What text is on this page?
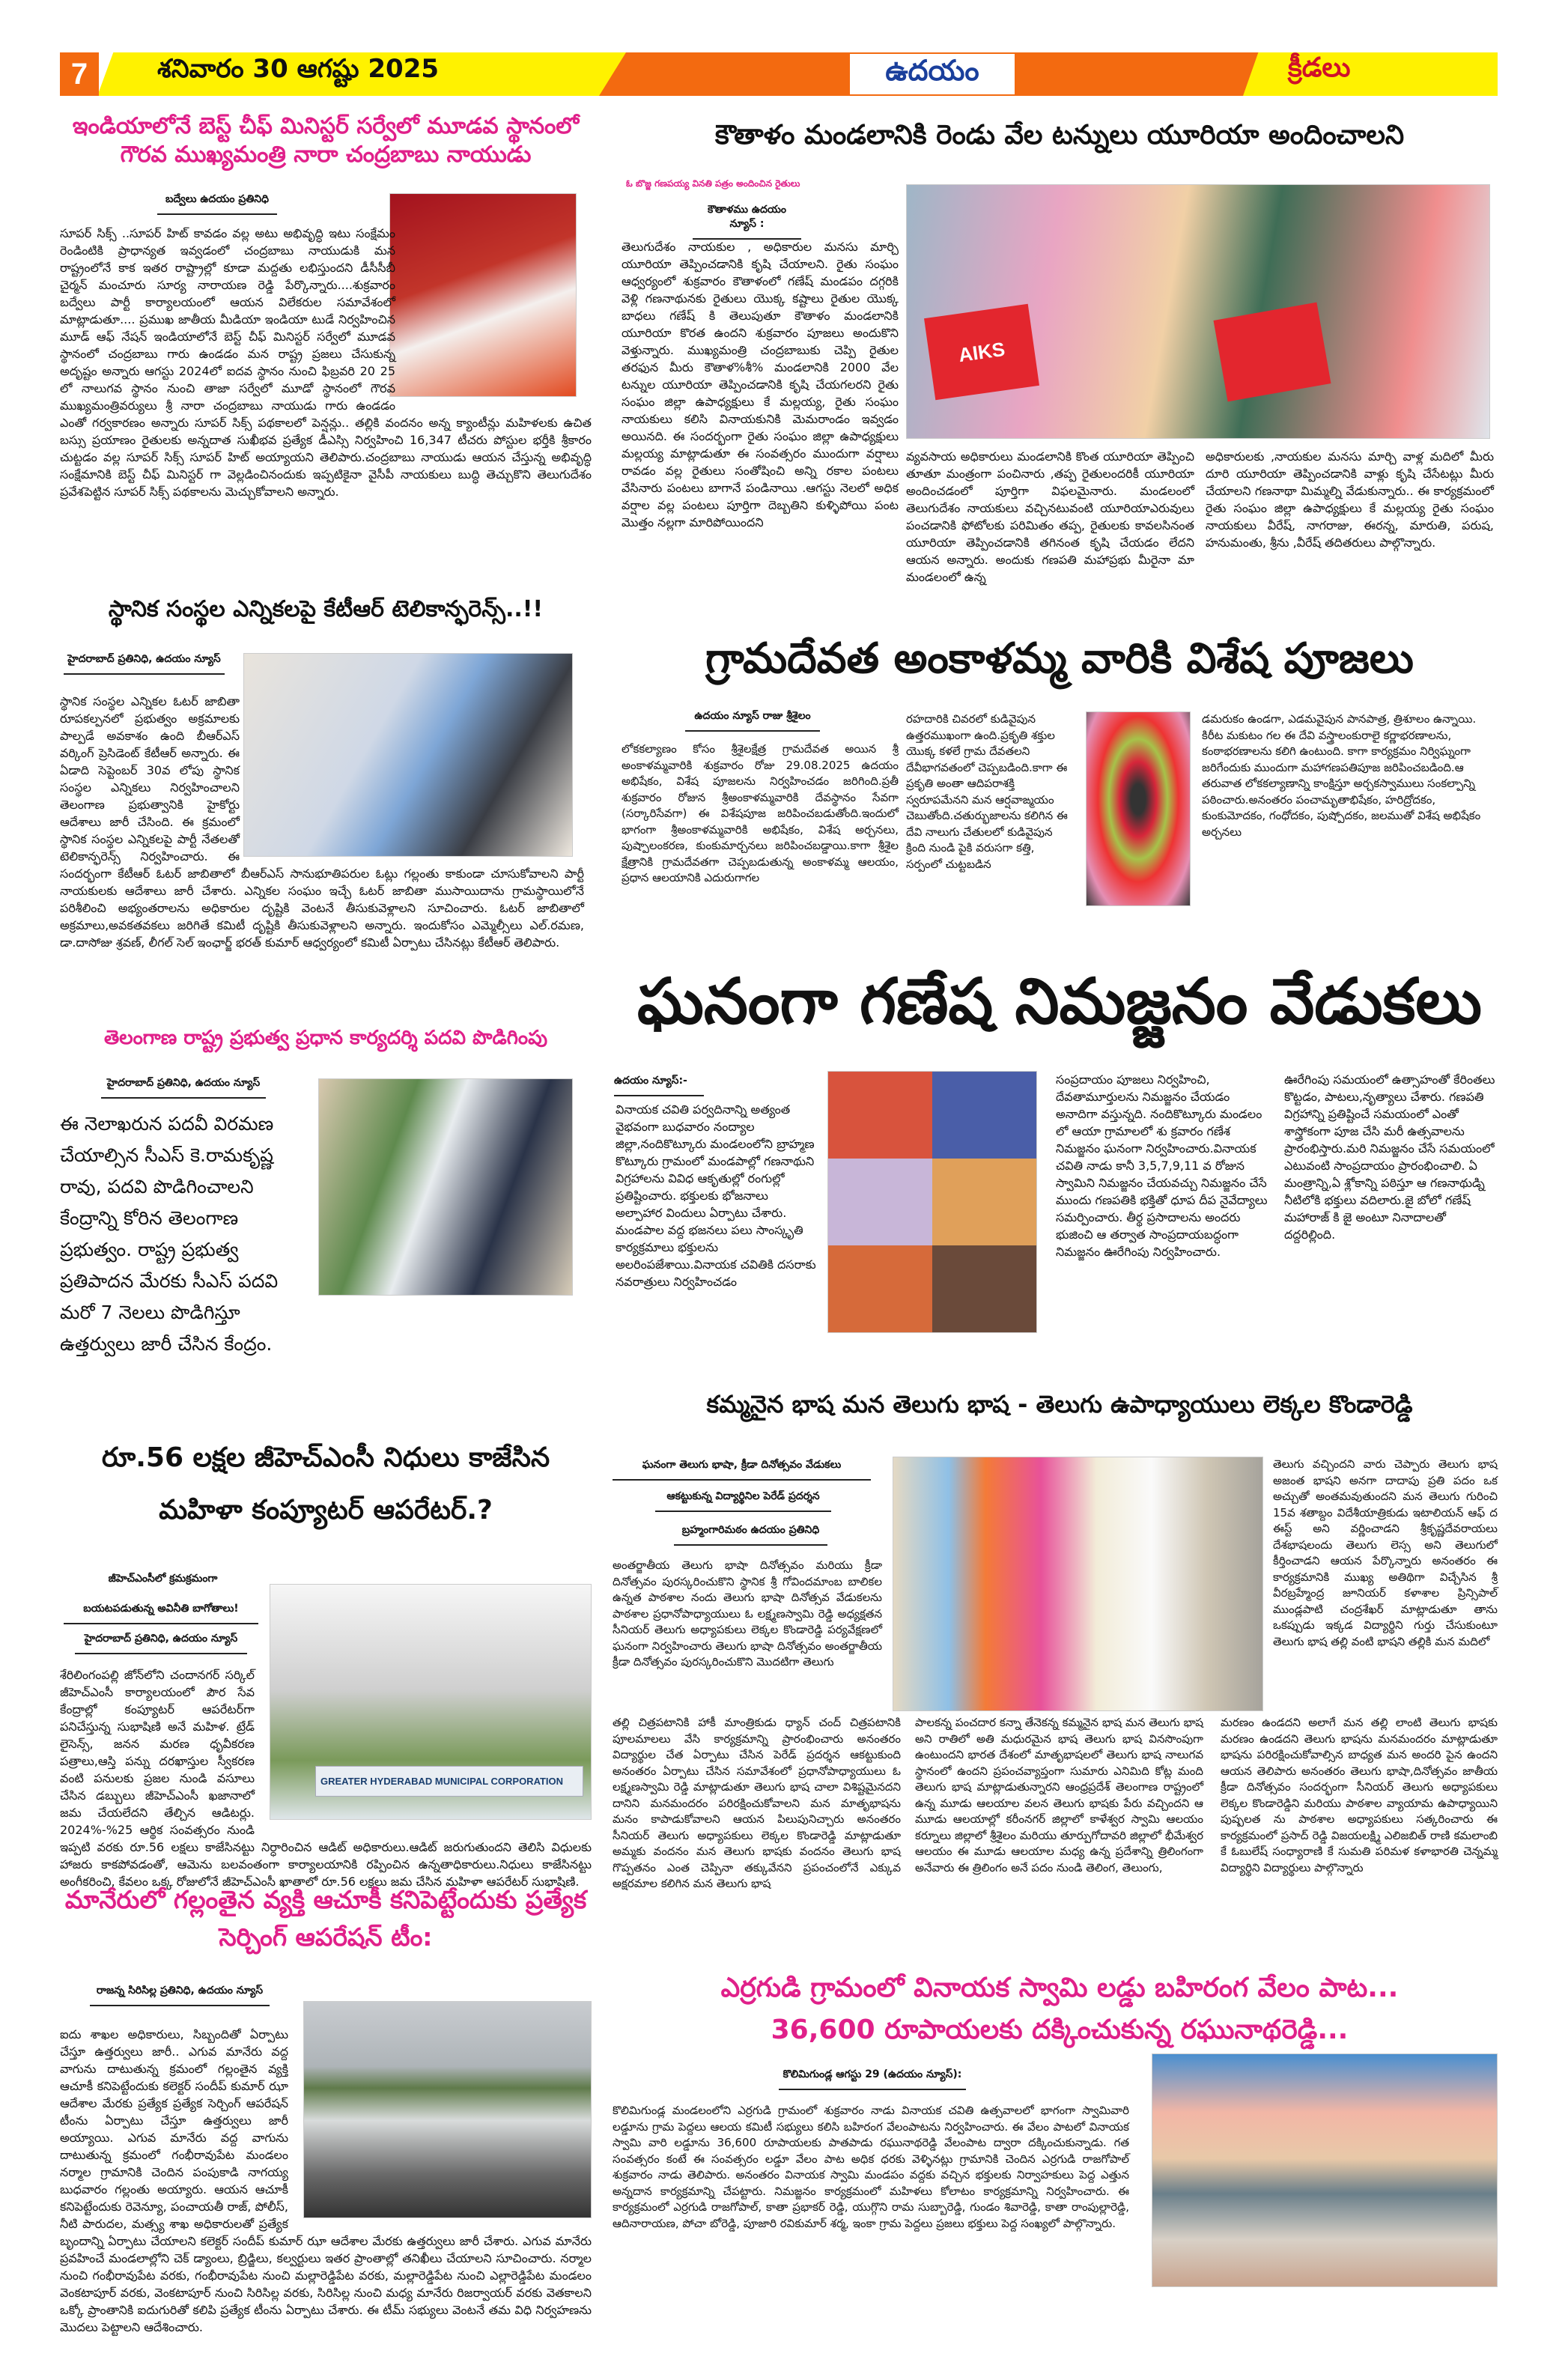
7	శనివారం 30 ఆగష్టు 2025	ఉదయం	క్రీడలు
ఇండియాలోనే బెస్ట్ చీఫ్ మినిస్టర్ సర్వేలో మూడవ స్థానంలో గౌరవ ముఖ్యమంత్రి నారా చంద్రబాబు నాయుడు
బద్వేలు ఉదయం ప్రతినిధి

సూపర్ సిక్స్ ..సూపర్ హిట్ కావడం వల్ల అటు అభివృద్ధి ఇటు సంక్షేమం రెండింటికి ప్రాధాన్యత ఇవ్వడంలో చంద్రబాబు నాయుడుకి మన రాష్ట్రంలోనే కాక ఇతర రాష్ట్రాల్లో కూడా మద్దతు లభిస్తుందని డీసీసీబీ చైర్మన్ మంచూరు సూర్య నారాయణ రెడ్డి పేర్కొన్నారు....శుక్రవారం బద్వేలు పార్టీ కార్యాలయంలో ఆయన విలేకరుల సమావేశంలో మాట్లాడుతూ.... ప్రముఖ జాతీయ మీడియా ఇండియా టుడే నిర్వహించిన మూడ్ ఆఫ్ నేషన్ ఇండియాలోనే బెస్ట్ చీఫ్ మినిస్టర్ సర్వేలో మూడవ స్థానంలో చంద్రబాబు గారు ఉండడం మన రాష్ట్ర ప్రజలు చేసుకున్న అదృష్టం అన్నారు ఆగస్టు 2024లో ఐదవ స్థానం నుంచి ఫిబ్రవరి 20 25 లో నాలుగవ స్థానం నుంచి తాజా సర్వేలో మూడో స్థానంలో గౌరవ ముఖ్యమంత్రివర్యులు శ్రీ నారా చంద్రబాబు నాయుడు గారు ఉండడం ఎంతో గర్వకారణం అన్నారు సూపర్ సిక్స్ పథకాలలో పెన్షన్లు.. తల్లికి వందనం అన్న క్యాంటీన్లు మహిళలకు ఉచిత బస్సు ప్రయాణం రైతులకు అన్నదాత సుఖీభవ ప్రత్యేక డీఎస్సి నిర్వహించి 16,347 టీచరు పోస్టుల భర్తీకి శ్రీకారం చుట్టడం వల్ల సూపర్ సిక్స్ సూపర్ హిట్ అయ్యాయని తెలిపారు.చంద్రబాబు నాయుడు ఆయన చేస్తున్న అభివృద్ధి సంక్షేమానికి బెస్ట్ చీఫ్ మినిస్టర్ గా వెల్లడించినందుకు ఇప్పటికైనా వైసీపీ నాయకులు బుద్ధి తెచ్చుకొని తెలుగుదేశం ప్రవేశపెట్టిన సూపర్ సిక్స్ పథకాలను మెచ్చుకోవాలని అన్నారు.

స్థానిక సంస్థల ఎన్నికలపై కేటీఆర్ టెలికాన్ఫరెన్స్..!!
హైదరాబాద్ ప్రతినిధి, ఉదయం న్యూస్

స్థానిక సంస్థల ఎన్నికల ఓటర్ జాబితా రూపకల్పనలో ప్రభుత్వం అక్రమాలకు పాల్పడే అవకాశం ఉంది బీఆర్ఎస్ వర్కింగ్ ప్రెసిడెంట్ కేటీఆర్ అన్నారు. ఈ ఏడాది సెప్టెంబర్ 30వ లోపు స్థానిక సంస్థల ఎన్నికలు నిర్వహించాలని తెలంగాణ ప్రభుత్వానికి హైకోర్టు ఆదేశాలు జారీ చేసింది. ఈ క్రమంలో స్థానిక సంస్థల ఎన్నికలపై పార్టీ నేతలతో టెలికాన్ఫరెన్స్ నిర్వహించారు. ఈ సందర్భంగా కేటీఆర్ ఓటర్ జాబితాలో బీఆర్ఎస్ సానుభూతిపరుల ఓట్లు గల్లంతు కాకుండా చూసుకోవాలని పార్టీ నాయకులకు ఆదేశాలు జారీ చేశారు. ఎన్నికల సంఘం ఇచ్చే ఓటర్ జాబితా ముసాయిదాను గ్రామస్థాయిలోనే పరిశీలించి అభ్యంతరాలను అధికారుల దృష్టికి వెంటనే తీసుకువెళ్లాలని సూచించారు. ఓటర్ జాబితాలో అక్రమాలు,అవకతవకలు జరిగితే కమిటీ దృష్టికి తీసుకువెళ్లాలని అన్నారు. ఇందుకోసం ఎమ్మెల్సీలు ఎల్.రమణ, డా.దాసోజు శ్రవణ్, లీగల్ సెల్ ఇంఛార్జ్ భరత్ కుమార్ ఆధ్వర్యంలో కమిటీ ఏర్పాటు చేసినట్లు కేటీఆర్ తెలిపారు.

తెలంగాణ రాష్ట్ర ప్రభుత్వ ప్రధాన కార్యదర్శి పదవి పొడిగింపు
హైదరాబాద్ ప్రతినిధి, ఉదయం న్యూస్
ఈ నెలాఖరున పదవీ విరమణ చేయాల్సిన సీఎస్ కె.రామకృష్ణ రావు, పదవి పొడిగించాలని కేంద్రాన్ని కోరిన తెలంగాణ ప్రభుత్వం. రాష్ట్ర ప్రభుత్వ ప్రతిపాదన మేరకు సీఎస్ పదవి మరో 7 నెలలు పొడిగిస్తూ ఉత్తర్వులు జారీ చేసిన కేంద్రం.
రూ.56 లక్షల జీహెచ్ఎంసీ నిధులు కాజేసిన మహిళా కంప్యూటర్ ఆపరేటర్.?
జీహెచ్ఎంసీలో క్రమక్రమంగా
బయటపడుతున్న అవినీతి బాగోతాలు!
హైదరాబాద్ ప్రతినిధి, ఉదయం న్యూస్
GREATER HYDERABAD MUNICIPAL CORPORATION

శేరిలింగంపల్లి జోన్‌లోని చందానగర్ సర్కిల్ జీహెచ్ఎంసీ కార్యాలయంలో పౌర సేవ కేంద్రాల్లో కంప్యూటర్ ఆపరేటర్‌గా పనిచేస్తున్న సుభాషిణి అనే మహిళ. ట్రేడ్ లైసెన్స్, జనన మరణ ధృవీకరణ పత్రాలు,ఆస్తి పన్ను దరఖాస్తుల స్వీకరణ వంటి పనులకు ప్రజల నుండి వసూలు చేసిన డబ్బులు జీహెచ్ఎంసీ ఖజానాలో జమ చేయలేదని తేల్చిన ఆడిటర్లు. 2024%-%25 ఆర్థిక సంవత్సరం నుండి ఇప్పటి వరకు రూ.56 లక్షలు కాజేసినట్టు నిర్ధారించిన ఆడిట్ అధికారులు.ఆడిట్ జరుగుతుందని తెలిసి విధులకు హాజరు కాకపోవడంతో, ఆమెను బలవంతంగా కార్యాలయానికి రప్పించిన ఉన్నతాధికారులు.నిధులు కాజేసినట్టు అంగీకరించి, కేవలం ఒక్క రోజులోనే జీహెచ్ఎంసీ ఖాతాలో రూ.56 లక్షలు జమ చేసిన మహిళా ఆపరేటర్ సుభాషిణి.

మానేరులో గల్లంతైన వ్యక్తి ఆచూకీ కనిపెట్టేందుకు ప్రత్యేక సెర్చింగ్ ఆపరేషన్ టీం:
రాజన్న సిరిసిల్ల ప్రతినిధి, ఉదయం న్యూస్

ఐదు శాఖల అధికారులు, సిబ్బందితో ఏర్పాటు చేస్తూ ఉత్తర్వులు జారీ.. ఎగువ మానేరు వద్ద వాగును దాటుతున్న క్రమంలో గల్లంతైన వ్యక్తి ఆచూకీ కనిపెట్టేందుకు కలెక్టర్ సందీప్ కుమార్ ఝా ఆదేశాల మేరకు ప్రత్యేక ప్రత్యేక సెర్చింగ్ ఆపరేషన్ టీంను ఏర్పాటు చేస్తూ ఉత్తర్వులు జారీ అయ్యాయి. ఎగువ మానేరు వద్ద వాగును దాటుతున్న క్రమంలో గంభీరావుపేట మండలం నర్మాల గ్రామానికి చెందిన పంపుకాడి నాగయ్య బుధవారం గల్లంతు అయ్యారు. ఆయన ఆచూకీ కనిపెట్టేందుకు రెవెన్యూ, పంచాయతీ రాజ్, పోలీస్, నీటి పారుదల, మత్స్య శాఖ అధికారులతో ప్రత్యేక బృందాన్ని ఏర్పాటు చేయాలని కలెక్టర్ సందీప్ కుమార్ ఝా ఆదేశాల మేరకు ఉత్తర్వులు జారీ చేశారు. ఎగువ మానేరు ప్రవహించే మండలాల్లోని చెక్ డ్యాంలు, బ్రిడ్జిలు, కల్వర్టులు ఇతర ప్రాంతాల్లో తనిఖీలు చేయాలని సూచించారు. నర్మాల నుంచి గంభీరావుపేట వరకు, గంభీరావుపేట నుంచి మల్లారెడ్డిపేట వరకు, మల్లారెడ్డిపేట నుంచి ఎల్లారెడ్డిపేట మండలం వెంకటాపూర్ వరకు, వెంకటాపూర్ నుంచి సిరిసిల్ల వరకు, సిరిసిల్ల నుంచి మధ్య మానేరు రిజర్వాయర్ వరకు వెతకాలని ఒక్కో ప్రాంతానికి ఐదుగురితో కలిపి ప్రత్యేక టీంను ఏర్పాటు చేశారు. ఈ టీమ్ సభ్యులు వెంటనే తమ విధి నిర్వహణను మొదలు పెట్టాలని ఆదేశించారు.

కౌతాళం మండలానికి రెండు వేల టన్నులు యూరియా అందించాలని
ఓ బొజ్జ గణపయ్య వినతి పత్రం అందించిన రైతులు
కౌతాళము ఉదయం న్యూస్ :
AIKS
తెలుగుదేశం నాయకుల , అధికారుల మనసు మార్చి యూరియా తెప్పించడానికి కృషి చేయాలని. రైతు సంఘం ఆధ్వర్యంలో శుక్రవారం కౌతాళంలో గణేష్ మండపం దగ్గరికి వెళ్లి గణనాథునకు రైతులు యొక్క కష్టాలు రైతుల యొక్క బాధలు గణేష్ కి తెలుపుతూ కౌతాళం మండలానికి యూరియా కొరత ఉందని శుక్రవారం పూజలు అందుకొని వెళ్తున్నారు. ముఖ్యమంత్రి చంద్రబాబుకు చెప్పి రైతుల తరఫున మీరు కౌతాళ%శీ% మండలానికి 2000 వేల టన్నుల యూరియా తెప్పించడానికి కృషి చేయగలరని రైతు సంఘం జిల్లా ఉపాధ్యక్షులు కే మల్లయ్య, రైతు సంఘం నాయకులు కలిసి వినాయకునికి మెమరాండం ఇవ్వడం అయినది. ఈ సందర్భంగా రైతు సంఘం జిల్లా ఉపాధ్యక్షులు మల్లయ్య మాట్లాడుతూ ఈ సంవత్సరం ముందుగా వర్షాలు రావడం వల్ల రైతులు సంతోషించి అన్ని రకాల పంటలు వేసినారు పంటలు బాగానే పండినాయి .ఆగస్టు నెలలో అధిక వర్షాల వల్ల పంటలు పూర్తిగా దెబ్బతిని కుళ్ళిపోయి పంట మొత్తం నల్లగా మారిపోయిందని
వ్యవసాయ అధికారులు మండలానికి కొంత యూరియా తెప్పించి తూతూ మంత్రంగా పంచినారు ,తప్ప రైతులందరికీ యూరియా అందించడంలో పూర్తిగా విఫలమైనారు. మండలంలో తెలుగుదేశం నాయకులు వచ్చినటువంటి యూరియాఎరువులు పంచడానికి ఫోటోలకు పరిమితం తప్ప, రైతులకు కావలసినంత యూరియా తెప్పించడానికి తగినంత కృషి చేయడం లేదని ఆయన అన్నారు. అందుకు గణపతి మహాప్రభు మీరైనా మా మండలంలో ఉన్న
అధికారులకు ,నాయకుల మనసు మార్చి వాళ్ల మదిలో మీరు దూరి యూరియా తెప్పించడానికి వాళ్లు కృషి చేసేటట్లు మీరు చేయాలని గణనాథా మిమ్మల్ని వేడుకున్నారు.. ఈ కార్యక్రమంలో రైతు సంఘం జిల్లా ఉపాధ్యక్షులు కే మల్లయ్య రైతు సంఘం నాయకులు వీరేష్, నాగరాజు, ఈరన్న, మారుతి, పరుష, హనుమంతు, శ్రీను ,వీరేష్ తదితరులు పాల్గొన్నారు.
గ్రామదేవత అంకాళమ్మ వారికి విశేష పూజలు
ఉదయం న్యూస్ రాజు శ్రీశైలం
లోకకల్యాణం కోసం శ్రీశైలక్షేత్ర గ్రామదేవత అయిన శ్రీ అంకాళమ్మవారికి శుక్రవారం రోజు 29.08.2025 ఉదయం అభిషేకం, విశేష పూజలను నిర్వహించడం జరిగింది.ప్రతీ శుక్రవారం రోజున శ్రీఅంకాళమ్మవారికి దేవస్థానం సేవగా (సర్కారిసేవగా) ఈ విశేషపూజ జరిపించబడుతోంది.ఇందులో భాగంగా శ్రీఅంకాళమ్మవారికి అభిషేకం, విశేష అర్చనలు, పుష్పాలంకరణ, కుంకుమార్చనలు జరిపించబడ్డాయి.కాగా శ్రీశైల క్షేత్రానికి గ్రామదేవతగా చెప్పబడుతున్న అంకాళమ్మ ఆలయం, ప్రధాన ఆలయానికి ఎదురుగాగల
రహదారికి చివరలో కుడివైపున ఉత్తరముఖంగా ఉంది.ప్రకృతి శక్తుల యొక్క కళలే గ్రామ దేవతలని దేవీభాగవతంలో చెప్పబడింది.కాగా ఈ ప్రకృతి అంతా ఆదిపరాశక్తి స్వరూపమేనని మన ఆర్షవాఙ్మయం చెబుతోంది.చతుర్భుజాలను కలిగిన ఈ దేవి నాలుగు చేతులలో కుడివైపున క్రింది నుండి పైకి వరుసగా కత్తి, సర్పంలో చుట్టబడిన
డమరుకం ఉండగా, ఎడమవైపున పానపాత్ర, త్రిశూలం ఉన్నాయి. కిరీట మకుటం గల ఈ దేవి వస్త్రాలంకురాలై కర్ణాభరణాలను, కంఠాభరణాలను కలిగి ఉంటుంది. కాగా కార్యక్రమం నిర్విఘ్నంగా జరిగేందుకు ముందుగా మహాగణపతిపూజ జరిపించబడింది.ఆ తరువాత లోకకల్యాణాన్ని కాంక్షిస్తూ అర్చకస్వాములు సంకల్పాన్ని పఠించారు.అనంతరం పంచామృతాభిషేకం, హరిద్రోదకం, కుంకుమోదకం, గంధోదకం, పుష్పోదకం, జలముతో విశేష అభిషేకం అర్చనలు
ఘనంగా గణేష నిమజ్జనం వేడుకలు
ఉదయం న్యూస్:-
వినాయక చవితి పర్వదినాన్ని అత్యంత వైభవంగా బుధవారం నంద్యాల జిల్లా,నందికొట్కూరు మండలంలోని బ్రాహ్మణ కొట్కూరు గ్రామంలో మండపాల్లో గణనాథుని విగ్రహాలను వివిధ ఆకృతుల్లో రంగుల్లో ప్రతిష్టించారు. భక్తులకు భోజనాలు అల్పాహార విందులు ఏర్పాటు చేశారు. మండపాల వద్ద భజనలు పలు సాంస్కృతి కార్యక్రమాలు భక్తులను అలరింపజేశాయి.వినాయక చవితికి దసరాకు నవరాత్రులు నిర్వహించడం
సంప్రదాయం పూజలు నిర్వహించి, దేవతామూర్తులను నిమజ్జనం చేయడం అనాదిగా వస్తున్నది. నందికొట్కూరు మండలం లో ఆయా గ్రామాలలో శు క్రవారం గణేశ నిమజ్జనం ఘనంగా నిర్వహించారు.వినాయక చవితి నాడు కానీ 3,5,7,9,11 వ రోజున స్వామిని నిమజ్జనం చేయవచ్చు నిమజ్జనం చేసే ముందు గణపతికి భక్తితో ధూప దీప నైవేద్యాలు సమర్పించారు. తీర్థ ప్రసాదాలను అందరు భుజించి ఆ తర్వాత సాంప్రదాయబద్ధంగా నిమజ్జనం ఊరేగింపు నిర్వహించారు.
ఊరేగింపు సమయంలో ఉత్సాహంతో కేరింతలు కొట్టడం, పాటలు,నృత్యాలు చేశారు. గణపతి విగ్రహాన్ని ప్రతిష్టించే సమయంలో ఎంతో శాస్త్రోకంగా పూజ చేసి మరీ ఉత్సవాలను ప్రారంభిస్తారు.మరి నిమజ్జనం చేసే సమయంలో ఎటువంటి సాంప్రదాయం ప్రారంభించాలి. ఏ మంత్రాన్ని,ఏ శ్లోకాన్ని పఠిస్తూ ఆ గణనాథుడ్ని నీటిలోకి భక్తులు వదిలారు.జై బోలో గణేష్ మహారాజ్ కి జై అంటూ నినాదాలతో దద్దరిల్లింది.
కమ్మనైన భాష మన తెలుగు భాష - తెలుగు ఉపాధ్యాయులు లెక్కల కొండారెడ్డి
ఘనంగా తెలుగు భాషా, క్రీడా దినోత్సవం వేడుకలు
ఆకట్టుకున్న విద్యార్థినిల పెరేడ్ ప్రదర్శన
బ్రహ్మంగారిమఠం ఉదయం ప్రతినిధి
అంతర్జాతీయ తెలుగు భాషా దినోత్సవం మరియు క్రీడా దినోత్సవం పురస్కరించుకొని స్థానిక శ్రీ గోవిందమాంబ బాలికల ఉన్నత పాఠశాల నందు తెలుగు భాషా దినోత్సవ వేడుకలను పాఠశాల ప్రధానోపాధ్యాయులు ఓ లక్ష్మణస్వామి రెడ్డి అధ్యక్షతన సీనియర్ తెలుగు అధ్యాపకులు లెక్కల కొండారెడ్డి పర్యవేక్షణలో ఘనంగా నిర్వహించారు తెలుగు భాషా దినోత్సవం అంతర్జాతీయ క్రీడా దినోత్సవం పురస్కరించుకొని మొదటిగా తెలుగు
తెలుగు వచ్చిందని వారు చెప్పారు తెలుగు భాష అజంత భాషని అనగా దాదాపు ప్రతి పదం ఒక అచ్చుతో అంతమవుతుందని మన తెలుగు గురించి 15వ శతాబ్దం విదేశీయాత్రికుడు ఇటాలియన్ ఆఫ్ ద ఈస్ట్ అని వర్ణించాడని శ్రీకృష్ణదేవరాయలు దేశభాషలందు తెలుగు లెస్స అని తెలుగులో కీర్తించాడని ఆయన పేర్కొన్నారు అనంతరం ఈ కార్యక్రమానికి ముఖ్య అతిథిగా విచ్చేసిన శ్రీ వీరబ్రహ్మేంద్ర జూనియర్ కళాశాల ప్రిన్సిపాల్ ముండ్లపాటి చంద్రశేఖర్ మాట్లాడుతూ తాను ఒకప్పుడు ఇక్కడ విద్యార్థిని గుర్తు చేసుకుంటూ తెలుగు భాష తల్లి వంటి భాషని తల్లికి మన మదిలో
తల్లి చిత్రపటానికి హాకీ మాంత్రికుడు ధ్యాన్ చంద్ చిత్రపటానికి పూలమాలలు వేసి కార్యక్రమాన్ని ప్రారంభించారు అనంతరం విద్యార్థుల చేత ఏర్పాటు చేసిన పెరేడ్ ప్రదర్శన ఆకట్టుకుంది అనంతరం ఏర్పాటు చేసిన సమావేశంలో ప్రధానోపాధ్యాయులు ఓ లక్ష్మణస్వామి రెడ్డి మాట్లాడుతూ తెలుగు భాష చాలా విశిష్టమైనదని దానిని మనమందరం పరిరక్షించుకోవాలని మన మాతృభాషను మనం కాపాడుకోవాలని ఆయన పిలుపునిచ్చారు అనంతరం సీనియర్ తెలుగు అధ్యాపకులు లెక్కల కొండారెడ్డి మాట్లాడుతూ అమ్మకు వందనం మన తెలుగు భాషకు వందనం తెలుగు భాష గొప్పతనం ఎంత చెప్పినా తక్కువేనని ప్రపంచంలోనే ఎక్కువ అక్షరమాల కలిగిన మన తెలుగు భాష
పాలకన్న పంచదార కన్నా తేనెకన్న కమ్మనైన భాష మన తెలుగు భాష అని రాతిలో అతి మధురమైన భాష తెలుగు భాష వినసొంపుగా ఉంటుందని భారత దేశంలో మాతృభాషలలో తెలుగు భాష నాలుగవ స్థానంలో ఉందని ప్రపంచవ్యాప్తంగా సుమారు ఎనిమిది కోట్ల మంది తెలుగు భాష మాట్లాడుతున్నారని ఆంధ్రప్రదేశ్ తెలంగాణ రాష్ట్రంలో ఉన్న మూడు ఆలయాల వలన తెలుగు భాషకు పేరు వచ్చిందని ఆ మూడు ఆలయాల్లో కరీంనగర్ జిల్లాలో కాళేశ్వర స్వామి ఆలయం కర్నూలు జిల్లాలో శ్రీశైలం మరియు తూర్పుగోదావరి జిల్లాలో భీమేశ్వర ఆలయం ఈ మూడు ఆలయాల మధ్య ఉన్న ప్రదేశాన్ని త్రిలింగంగా అనేవారు ఈ త్రిలింగం అనే పదం నుండి తెలింగ, తెలుంగు,
మరణం ఉండదని అలాగే మన తల్లి లాంటి తెలుగు భాషకు మరణం ఉండదని తెలుగు భాషను మనమందరం మాట్లాడుతూ భాషను పరిరక్షించుకోవాల్సిన బాధ్యత మన అందరి పైన ఉందని ఆయన తెలిపారు అనంతరం తెలుగు భాషా,దినోత్సవం జాతీయ క్రీడా దినోత్సవం సందర్భంగా సీనియర్ తెలుగు అధ్యాపకులు లెక్కల కొండారెడ్డిని మరియు పాఠశాల వ్యాయామ ఉపాధ్యాయిని పుష్పలత ను పాఠశాల అధ్యాపకులు సత్కరించారు ఈ కార్యక్రమంలో ప్రసాద్ రెడ్డి విజయలక్ష్మి ఎలిజబిత్ రాణి కమలాంబి కే ఓబులేష్ సంధ్యారాణి కే సుమతి పరిమళ కళాభారతి చెన్నమ్మ విద్యార్థిని విద్యార్థులు పాల్గొన్నారు
ఎర్రగుడి గ్రామంలో వినాయక స్వామి లడ్డు బహిరంగ వేలం పాట...
36,600 రూపాయలకు దక్కించుకున్న రఘునాథరెడ్డి...
కొలిమిగుండ్ల ఆగస్టు 29 (ఉదయం న్యూస్):
కొలిమిగుండ్ల మండలంలోని ఎర్రగుడి గ్రామంలో శుక్రవారం నాడు వినాయక చవితి ఉత్సవాలలో భాగంగా స్వామివారి లడ్డూను గ్రామ పెద్దలు ఆలయ కమిటీ సభ్యులు కలిసి బహిరంగ వేలంపాటను నిర్వహించారు. ఈ వేలం పాటలో వినాయక స్వామి వారి లడ్డూను 36,600 రూపాయలకు పాతపాడు రఘునాథరెడ్డి వేలంపాట ద్వారా దక్కించుకున్నాడు. గత సంవత్సరం కంటే ఈ సంవత్సరం లడ్డూ వేలం పాట అధిక ధరకు వెళ్ళినట్లు గ్రామానికి చెందిన ఎర్రగుడి రాజగోపాల్ శుక్రవారం నాడు తెలిపారు. అనంతరం వినాయక స్వామి మండపం వద్దకు వచ్చిన భక్తులకు నిర్వాహకులు పెద్ద ఎత్తున అన్నదాన కార్యక్రమాన్ని చేపట్టారు. నిమజ్జనం కార్యక్రమంలో మహిళలు కోలాటం కార్యక్రమాన్ని నిర్వహించారు. ఈ కార్యక్రమంలో ఎర్రగుడి రాజగోపాల్, కాతా ప్రభాకర్ రెడ్డి, యుగ్గొని రామ సుబ్బారెడ్డి, గుండం శివారెడ్డి, కాతా రాంపుల్లారెడ్డి, ఆదినారాయణ, పోచా బోరెడ్డి, పూజారి రవికుమార్ శర్మ, ఇంకా గ్రామ పెద్దలు ప్రజలు భక్తులు పెద్ద సంఖ్యలో పాల్గొన్నారు.
